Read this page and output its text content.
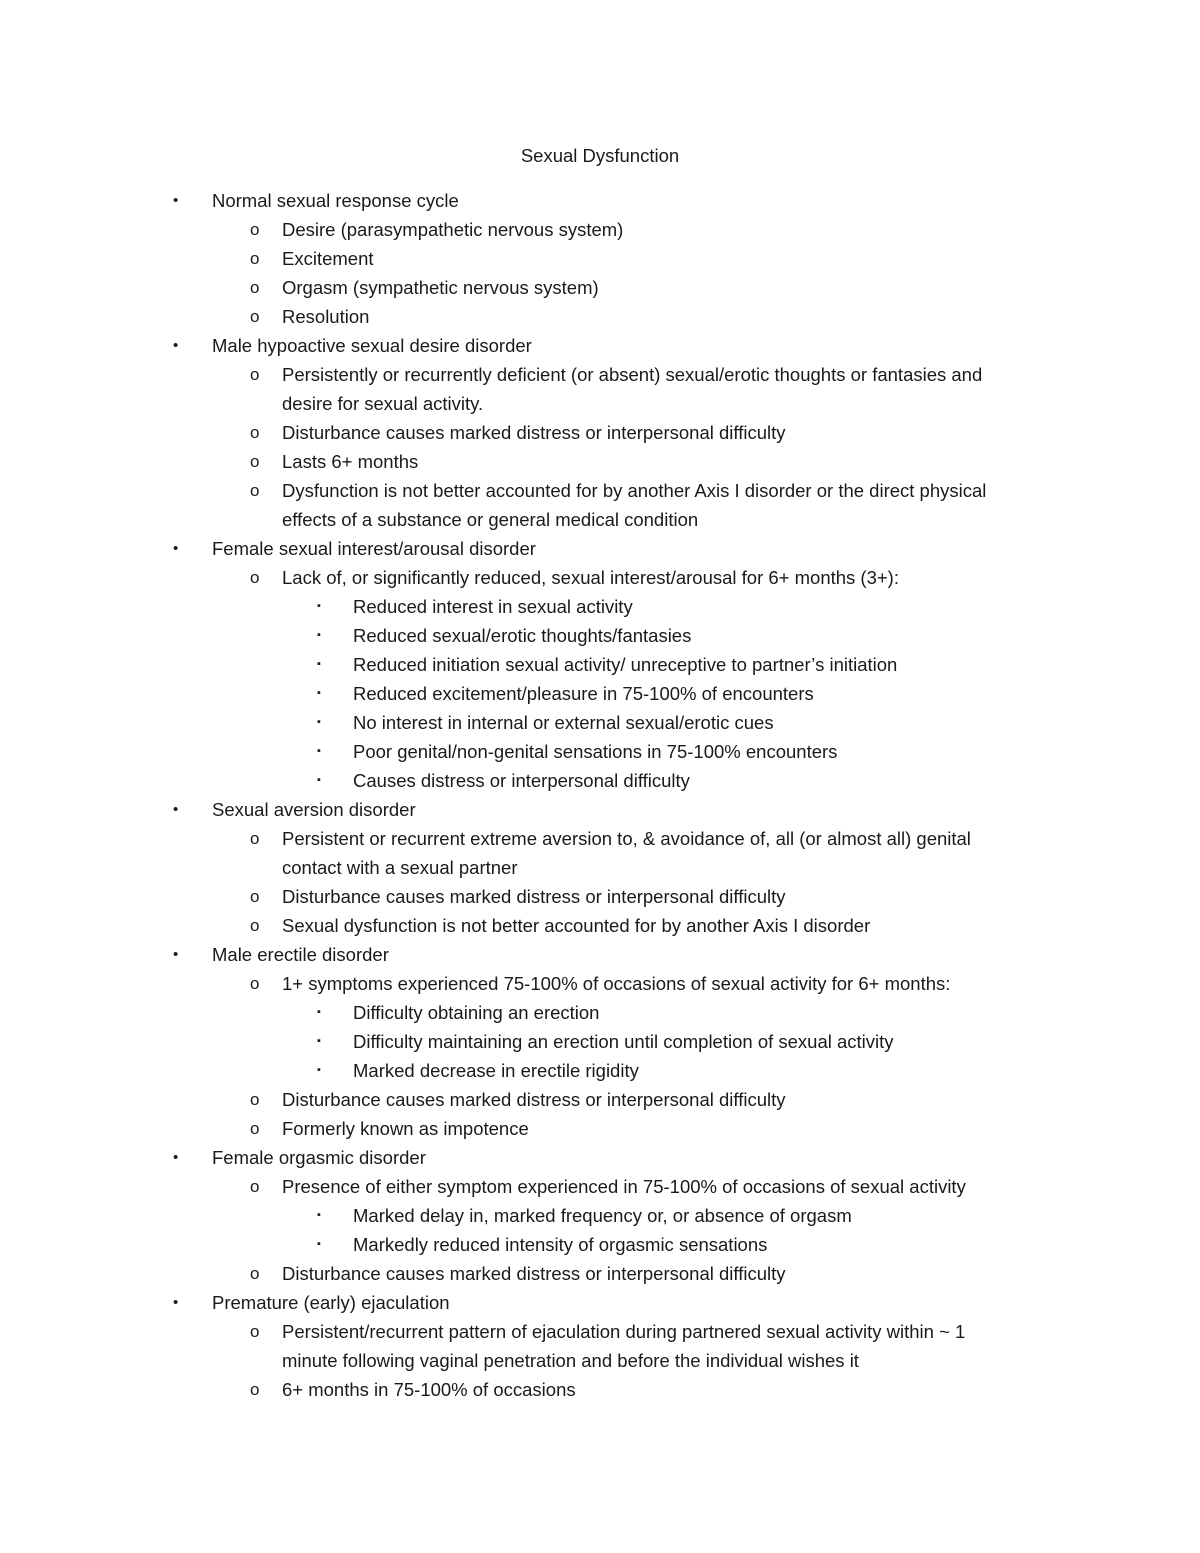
Sexual Dysfunction
• Normal sexual response cycle
o Desire (parasympathetic nervous system)
o Excitement
o Orgasm (sympathetic nervous system)
o Resolution
• Male hypoactive sexual desire disorder
o Persistently or recurrently deficient (or absent) sexual/erotic thoughts or fantasies and
desire for sexual activity.
o Disturbance causes marked distress or interpersonal difficulty
o Lasts 6+ months
o Dysfunction is not better accounted for by another Axis I disorder or the direct physical
effects of a substance or general medical condition
• Female sexual interest/arousal disorder
o Lack of, or significantly reduced, sexual interest/arousal for 6+ months (3+):
▪ Reduced interest in sexual activity
▪ Reduced sexual/erotic thoughts/fantasies
▪ Reduced initiation sexual activity/ unreceptive to partner’s initiation
▪ Reduced excitement/pleasure in 75-100% of encounters
▪ No interest in internal or external sexual/erotic cues
▪ Poor genital/non-genital sensations in 75-100% encounters
▪ Causes distress or interpersonal difficulty
• Sexual aversion disorder
o Persistent or recurrent extreme aversion to, & avoidance of, all (or almost all) genital
contact with a sexual partner
o Disturbance causes marked distress or interpersonal difficulty
o Sexual dysfunction is not better accounted for by another Axis I disorder
• Male erectile disorder
o 1+ symptoms experienced 75-100% of occasions of sexual activity for 6+ months:
▪ Difficulty obtaining an erection
▪ Difficulty maintaining an erection until completion of sexual activity
▪ Marked decrease in erectile rigidity
o Disturbance causes marked distress or interpersonal difficulty
o Formerly known as impotence
• Female orgasmic disorder
o Presence of either symptom experienced in 75-100% of occasions of sexual activity
▪ Marked delay in, marked frequency or, or absence of orgasm
▪ Markedly reduced intensity of orgasmic sensations
o Disturbance causes marked distress or interpersonal difficulty
• Premature (early) ejaculation
o Persistent/recurrent pattern of ejaculation during partnered sexual activity within ~ 1
minute following vaginal penetration and before the individual wishes it
o 6+ months in 75-100% of occasions
